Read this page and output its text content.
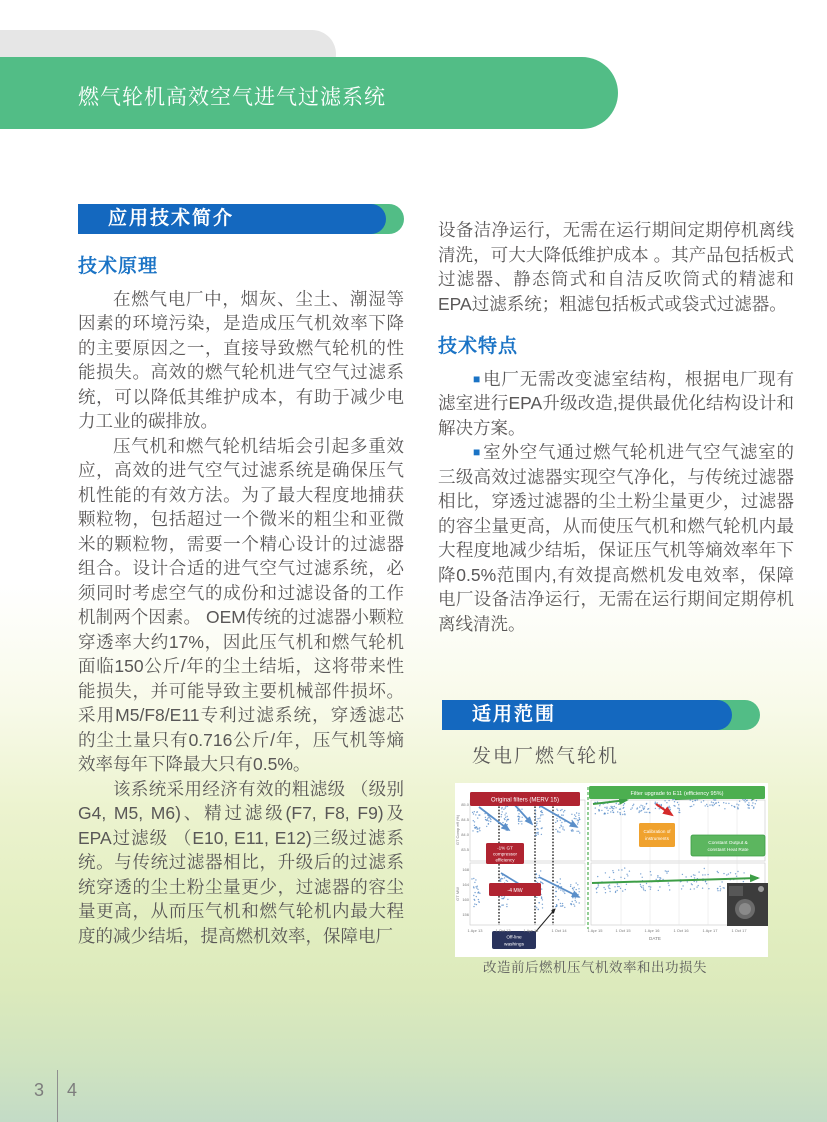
燃气轮机高效空气进气过滤系统
应用技术简介
技术原理

在燃气电厂中，烟灰、尘土、潮湿等因素的环境污染，是造成压气机效率下降的主要原因之一，直接导致燃气轮机的性能损失。高效的燃气轮机进气空气过滤系统，可以降低其维护成本，有助于减少电力工业的碳排放。

压气机和燃气轮机结垢会引起多重效应，高效的进气空气过滤系统是确保压气机性能的有效方法。为了最大程度地捕获颗粒物，包括超过一个微米的粗尘和亚微米的颗粒物，需要一个精心设计的过滤器组合。设计合适的进气空气过滤系统，必须同时考虑空气的成份和过滤设备的工作机制两个因素。 OEM传统的过滤器小颗粒穿透率大约17%，因此压气机和燃气轮机面临150公斤/年的尘土结垢，这将带来性能损失，并可能导致主要机械部件损坏。采用M5/F8/E11专利过滤系统，穿透滤芯的尘土量只有0.716公斤/年，压气机等熵效率每年下降最大只有0.5%。

该系统采用经济有效的粗滤级 （级别G4, M5, M6)、精过滤级(F7, F8, F9)及EPA过滤级 （E10, E11, E12)三级过滤系统。与传统过滤器相比，升级后的过滤系统穿透的尘土粉尘量更少，过滤器的容尘量更高，从而压气机和燃气轮机内最大程度的减少结垢，提高燃机效率，保障电厂

设备洁净运行，无需在运行期间定期停机离线清洗，可大大降低维护成本 。其产品包括板式过滤器、静态筒式和自洁反吹筒式的精滤和EPA过滤系统；粗滤包括板式或袋式过滤器。

技术特点

■ 电厂无需改变滤室结构，根据电厂现有滤室进行EPA升级改造,提供最优化结构设计和解决方案。

■ 室外空气通过燃气轮机进气空气滤室的三级高效过滤器实现空气净化，与传统过滤器相比，穿透过滤器的尘土粉尘量更少，过滤器的容尘量更高，从而使压气机和燃气轮机内最大程度地减少结垢，保证压气机等熵效率年下降0.5%范围内,有效提高燃机发电效率，保障电厂设备洁净运行，无需在运行期间定期停机离线清洗。

适用范围
发电厂燃气轮机
Original filters (MERV 15)
Filter upgrade to E11 (efficiency 95%)
-1% GT
compressor
efficiency
-4 MW
Calibration of
instruments
Constant Output &
constant Heat Rate
Off-line
washings
85.0
84.5
84.0
83.5
168
164
160
156
GT Comp eff (%)
GT MW
1 Apr 13	1 Oct 13	1 Apr 14	1 Oct 14	1 Apr 15	1 Oct 15	1 Apr 16	1 Oct 16	1 Apr 17	1 Oct 17
DATE
改造前后燃机压气机效率和出功损失
3 4
